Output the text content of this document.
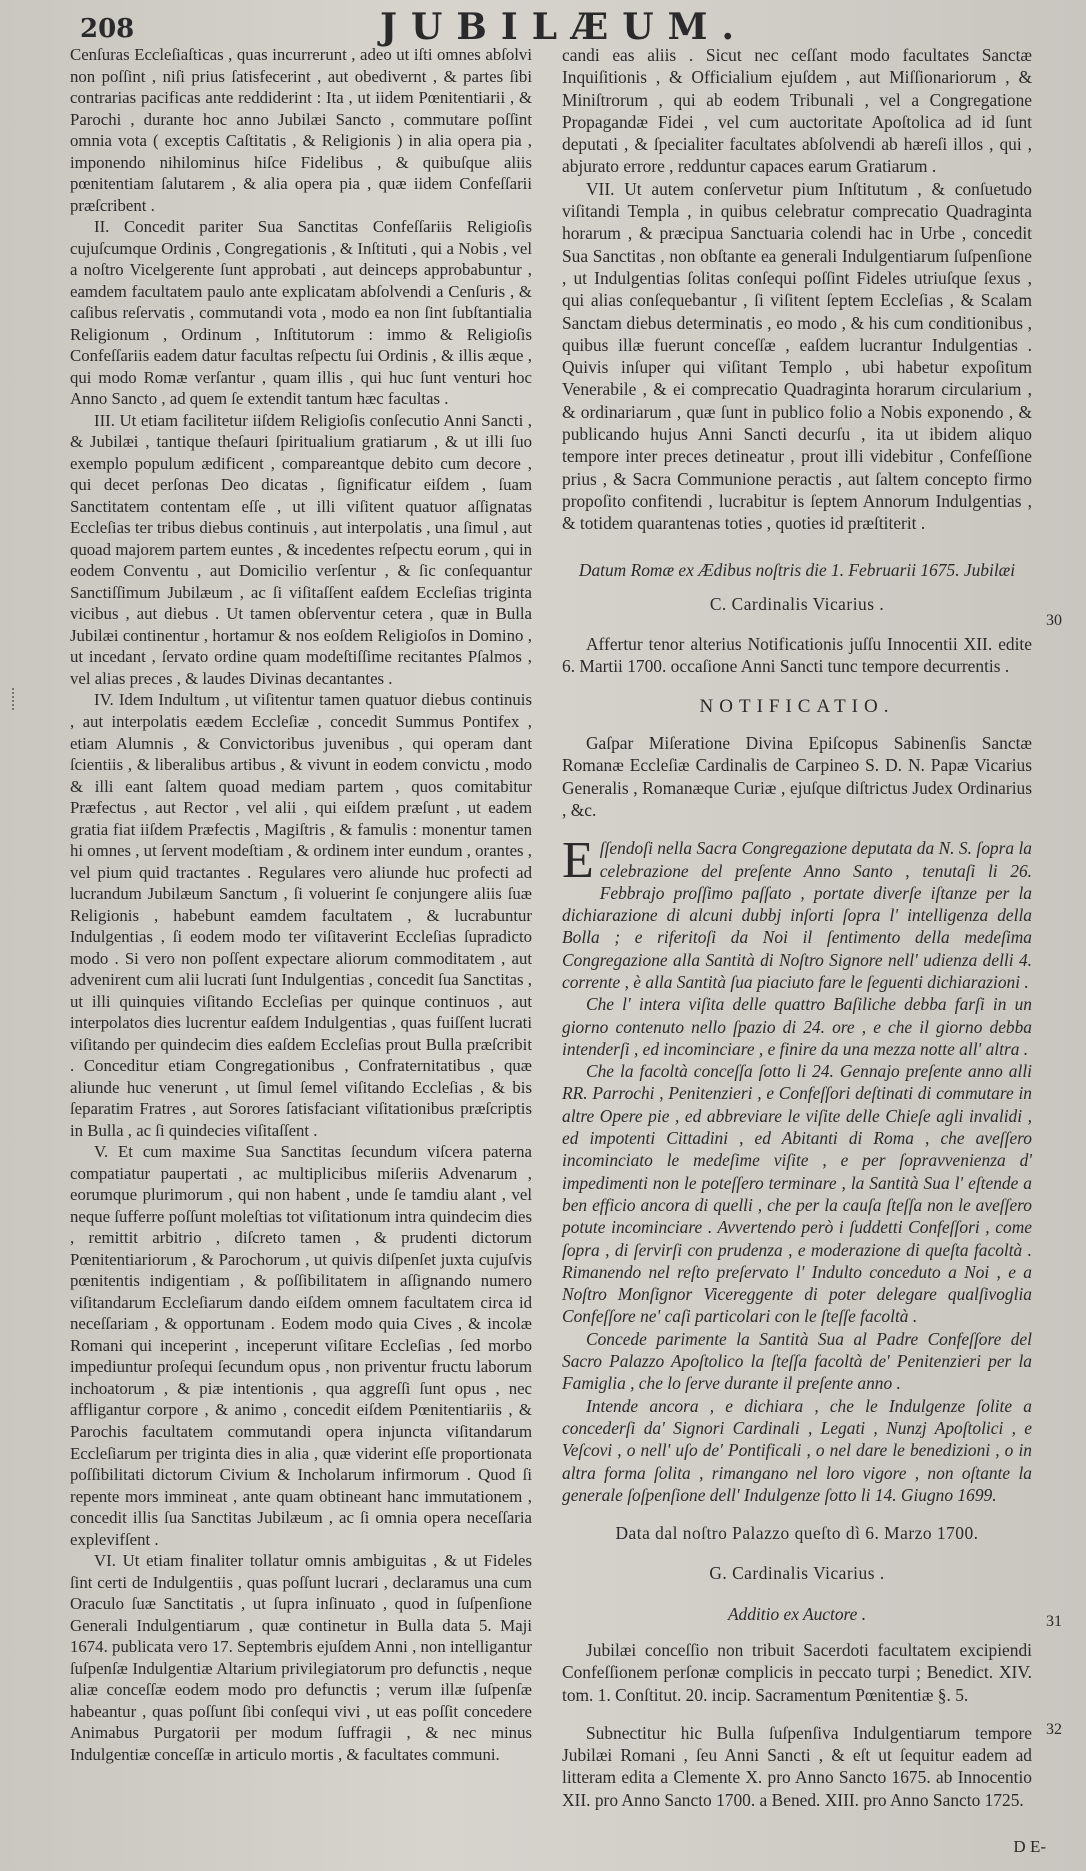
208	JUBILÆUM.

Cenſuras Eccleſiaſticas , quas incurrerunt , adeo ut iſti omnes abſolvi non poſſint , niſi prius ſatisfecerint , aut obedivernt , & partes ſibi contrarias pacificas ante reddiderint : Ita , ut iidem Pœnitentiarii , & Parochi , durante hoc anno Jubilæi Sancto , commutare poſſint omnia vota ( exceptis Caſtitatis , & Religionis ) in alia opera pia , imponendo nihilominus hiſce Fidelibus , & quibuſque aliis pœnitentiam ſalutarem , & alia opera pia , quæ iidem Confeſſarii præſcribent .

II. Concedit pariter Sua Sanctitas Confeſſariis Religioſis cujuſcumque Ordinis , Congregationis , & Inſtituti , qui a Nobis , vel a noſtro Vicelgerente ſunt approbati , aut deinceps approbabuntur , eamdem facultatem paulo ante explicatam abſolvendi a Cenſuris , & caſibus reſervatis , commutandi vota , modo ea non ſint ſubſtantialia Religionum , Ordinum , Inſtitutorum : immo & Religioſis Confeſſariis eadem datur facultas reſpectu ſui Ordinis , & illis æque , qui modo Romæ verſantur , quam illis , qui huc ſunt venturi hoc Anno Sancto , ad quem ſe extendit tantum hæc facultas .

III. Ut etiam facilitetur iiſdem Religioſis conſecutio Anni Sancti , & Jubilæi , tantique theſauri ſpiritualium gratiarum , & ut illi ſuo exemplo populum ædificent , compareantque debito cum decore , qui decet perſonas Deo dicatas , ſignificatur eiſdem , ſuam Sanctitatem contentam eſſe , ut illi viſitent quatuor aſſignatas Eccleſias ter tribus diebus continuis , aut interpolatis , una ſimul , aut quoad majorem partem euntes , & incedentes reſpectu eorum , qui in eodem Conventu , aut Domicilio verſentur , & ſic conſequantur Sanctiſſimum Jubilæum , ac ſi viſitaſſent eaſdem Eccleſias triginta vicibus , aut diebus . Ut tamen obſerventur cetera , quæ in Bulla Jubilæi continentur , hortamur & nos eoſdem Religioſos in Domino , ut incedant , ſervato ordine quam modeſtiſſime recitantes Pſalmos , vel alias preces , & laudes Divinas decantantes .

IV. Idem Indultum , ut viſitentur tamen quatuor diebus continuis , aut interpolatis eædem Eccleſiæ , concedit Summus Pontifex , etiam Alumnis , & Convictoribus juvenibus , qui operam dant ſcientiis , & liberalibus artibus , & vivunt in eodem convictu , modo & illi eant ſaltem quoad mediam partem , quos comitabitur Præfectus , aut Rector , vel alii , qui eiſdem præſunt , ut eadem gratia fiat iiſdem Præfectis , Magiſtris , & famulis : monentur tamen hi omnes , ut ſervent modeſtiam , & ordinem inter eundum , orantes , vel pium quid tractantes . Regulares vero aliunde huc profecti ad lucrandum Jubilæum Sanctum , ſi voluerint ſe conjungere aliis ſuæ Religionis , habebunt eamdem facultatem , & lucrabuntur Indulgentias , ſi eodem modo ter viſitaverint Eccleſias ſupradicto modo . Si vero non poſſent expectare aliorum commoditatem , aut advenirent cum alii lucrati ſunt Indulgentias , concedit ſua Sanctitas , ut illi quinquies viſitando Eccleſias per quinque continuos , aut interpolatos dies lucrentur eaſdem Indulgentias , quas fuiſſent lucrati viſitando per quindecim dies eaſdem Eccleſias prout Bulla præſcribit . Conceditur etiam Congregationibus , Confraternitatibus , quæ aliunde huc venerunt , ut ſimul ſemel viſitando Eccleſias , & bis ſeparatim Fratres , aut Sorores ſatisfaciant viſitationibus præſcriptis in Bulla , ac ſi quindecies viſitaſſent .

V. Et cum maxime Sua Sanctitas ſecundum viſcera paterna compatiatur paupertati , ac multiplicibus miſeriis Advenarum , eorumque plurimorum , qui non habent , unde ſe tamdiu alant , vel neque ſufferre poſſunt moleſtias tot viſitationum intra quindecim dies , remittit arbitrio , diſcreto tamen , & prudenti dictorum Pœnitentiariorum , & Parochorum , ut quivis diſpenſet juxta cujuſvis pœnitentis indigentiam , & poſſibilitatem in aſſignando numero viſitandarum Eccleſiarum dando eiſdem omnem facultatem circa id neceſſariam , & opportunam . Eodem modo quia Cives , & incolæ Romani qui inceperint , inceperunt viſitare Eccleſias , ſed morbo impediuntur proſequi ſecundum opus , non priventur fructu laborum inchoatorum , & piæ intentionis , qua aggreſſi ſunt opus , nec affligantur corpore , & animo , concedit eiſdem Pœnitentiariis , & Parochis facultatem commutandi opera injuncta viſitandarum Eccleſiarum per triginta dies in alia , quæ viderint eſſe proportionata poſſibilitati dictorum Civium & Incholarum infirmorum . Quod ſi repente mors immineat , ante quam obtineant hanc immutationem , concedit illis ſua Sanctitas Jubilæum , ac ſi omnia opera neceſſaria explevifſent .

VI. Ut etiam finaliter tollatur omnis ambiguitas , & ut Fideles ſint certi de Indulgentiis , quas poſſunt lucrari , declaramus una cum Oraculo ſuæ Sanctitatis , ut ſupra inſinuato , quod in ſuſpenſione Generali Indulgentiarum , quæ continetur in Bulla data 5. Maji 1674. publicata vero 17. Septembris ejuſdem Anni , non intelligantur ſuſpenſæ Indulgentiæ Altarium privilegiatorum pro defunctis , neque aliæ conceſſæ eodem modo pro defunctis ; verum illæ ſuſpenſæ habeantur , quas poſſunt ſibi conſequi vivi , ut eas poſſit concedere Animabus Purgatorii per modum ſuffragii , & nec minus Indulgentiæ conceſſæ in articulo mortis , & facultates communi.

candi eas aliis . Sicut nec ceſſant modo facultates Sanctæ Inquiſitionis , & Officialium ejuſdem , aut Miſſionariorum , & Miniſtrorum , qui ab eodem Tribunali , vel a Congregatione Propagandæ Fidei , vel cum auctoritate Apoſtolica ad id ſunt deputati , & ſpecialiter facultates abſolvendi ab hæreſi illos , qui , abjurato errore , redduntur capaces earum Gratiarum .

VII. Ut autem conſervetur pium Inſtitutum , & conſuetudo viſitandi Templa , in quibus celebratur comprecatio Quadraginta horarum , & præcipua Sanctuaria colendi hac in Urbe , concedit Sua Sanctitas , non obſtante ea generali Indulgentiarum ſuſpenſione , ut Indulgentias ſolitas conſequi poſſint Fideles utriuſque ſexus , qui alias conſequebantur , ſi viſitent ſeptem Eccleſias , & Scalam Sanctam diebus determinatis , eo modo , & his cum conditionibus , quibus illæ fuerunt conceſſæ , eaſdem lucrantur Indulgentias . Quivis inſuper qui viſitant Templo , ubi habetur expoſitum Venerabile , & ei comprecatio Quadraginta horarum circularium , & ordinariarum , quæ ſunt in publico folio a Nobis exponendo , & publicando hujus Anni Sancti decurſu , ita ut ibidem aliquo tempore inter preces detineatur , prout illi videbitur , Confeſſione prius , & Sacra Communione peractis , aut ſaltem concepto firmo propoſito confitendi , lucrabitur is ſeptem Annorum Indulgentias , & totidem quarantenas toties , quoties id præſtiterit .

Datum Romæ ex Ædibus noſtris die 1. Februarii 1675. Jubilæi

C. Cardinalis Vicarius .

Affertur tenor alterius Notificationis juſſu Innocentii XII. edite 6. Martii 1700. occaſione Anni Sancti tunc tempore decurrentis .

NOTIFICATIO.

Gaſpar Miſeratione Divina Epiſcopus Sabinenſis Sanctæ Romanæ Eccleſiæ Cardinalis de Carpineo S. D. N. Papæ Vicarius Generalis , Romanæque Curiæ , ejuſque diſtrictus Judex Ordinarius , &c.

Eſſendoſi nella Sacra Congregazione deputata da N. S. ſopra la celebrazione del preſente Anno Santo , tenutaſi li 26. Febbrajo proſſimo paſſato , portate diverſe iſtanze per la dichiarazione di alcuni dubbj inſorti ſopra l' intelligenza della Bolla ; e riferitoſi da Noi il ſentimento della medeſima Congregazione alla Santità di Noſtro Signore nell' udienza delli 4. corrente , è alla Santità ſua piaciuto fare le ſeguenti dichiarazioni .

Che l' intera viſita delle quattro Baſiliche debba farſi in un giorno contenuto nello ſpazio di 24. ore , e che il giorno debba intenderſi , ed incominciare , e finire da una mezza notte all' altra .

Che la facoltà conceſſa ſotto li 24. Gennajo preſente anno alli RR. Parrochi , Penitenzieri , e Confeſſori deſtinati di commutare in altre Opere pie , ed abbreviare le viſite delle Chieſe agli invalidi , ed impotenti Cittadini , ed Abitanti di Roma , che aveſſero incominciato le medeſime viſite , e per ſopravvenienza d' impedimenti non le poteſſero terminare , la Santità Sua l' eſtende a ben efficio ancora di quelli , che per la cauſa ſteſſa non le aveſſero potute incominciare . Avvertendo però i ſuddetti Confeſſori , come ſopra , di ſervirſi con prudenza , e moderazione di queſta facoltà . Rimanendo nel reſto preſervato l' Indulto conceduto a Noi , e a Noſtro Monſignor Vicereggente di poter delegare qualſivoglia Confeſſore ne' caſi particolari con le ſteſſe facoltà .

Concede parimente la Santità Sua al Padre Confeſſore del Sacro Palazzo Apoſtolico la ſteſſa facoltà de' Penitenzieri per la Famiglia , che lo ſerve durante il preſente anno .

Intende ancora , e dichiara , che le Indulgenze ſolite a concederſi da' Signori Cardinali , Legati , Nunzj Apoſtolici , e Veſcovi , o nell' uſo de' Pontificali , o nel dare le benedizioni , o in altra forma ſolita , rimangano nel loro vigore , non oſtante la generale ſoſpenſione dell' Indulgenze ſotto li 14. Giugno 1699.

Data dal noſtro Palazzo queſto dì 6. Marzo 1700.

G. Cardinalis Vicarius .

Additio ex Auctore .

Jubilæi conceſſio non tribuit Sacerdoti facultatem excipiendi Confeſſionem perſonæ complicis in peccato turpi ; Benedict. XIV. tom. 1. Conſtitut. 20. incip. Sacramentum Pœnitentiæ §. 5.

Subnectitur hic Bulla ſuſpenſiva Indulgentiarum tempore Jubilæi Romani , ſeu Anni Sancti , & eſt ut ſequitur eadem ad litteram edita a Clemente X. pro Anno Sancto 1675. ab Innocentio XII. pro Anno Sancto 1700. a Bened. XIII. pro Anno Sancto 1725.

30
31
32
D E-
